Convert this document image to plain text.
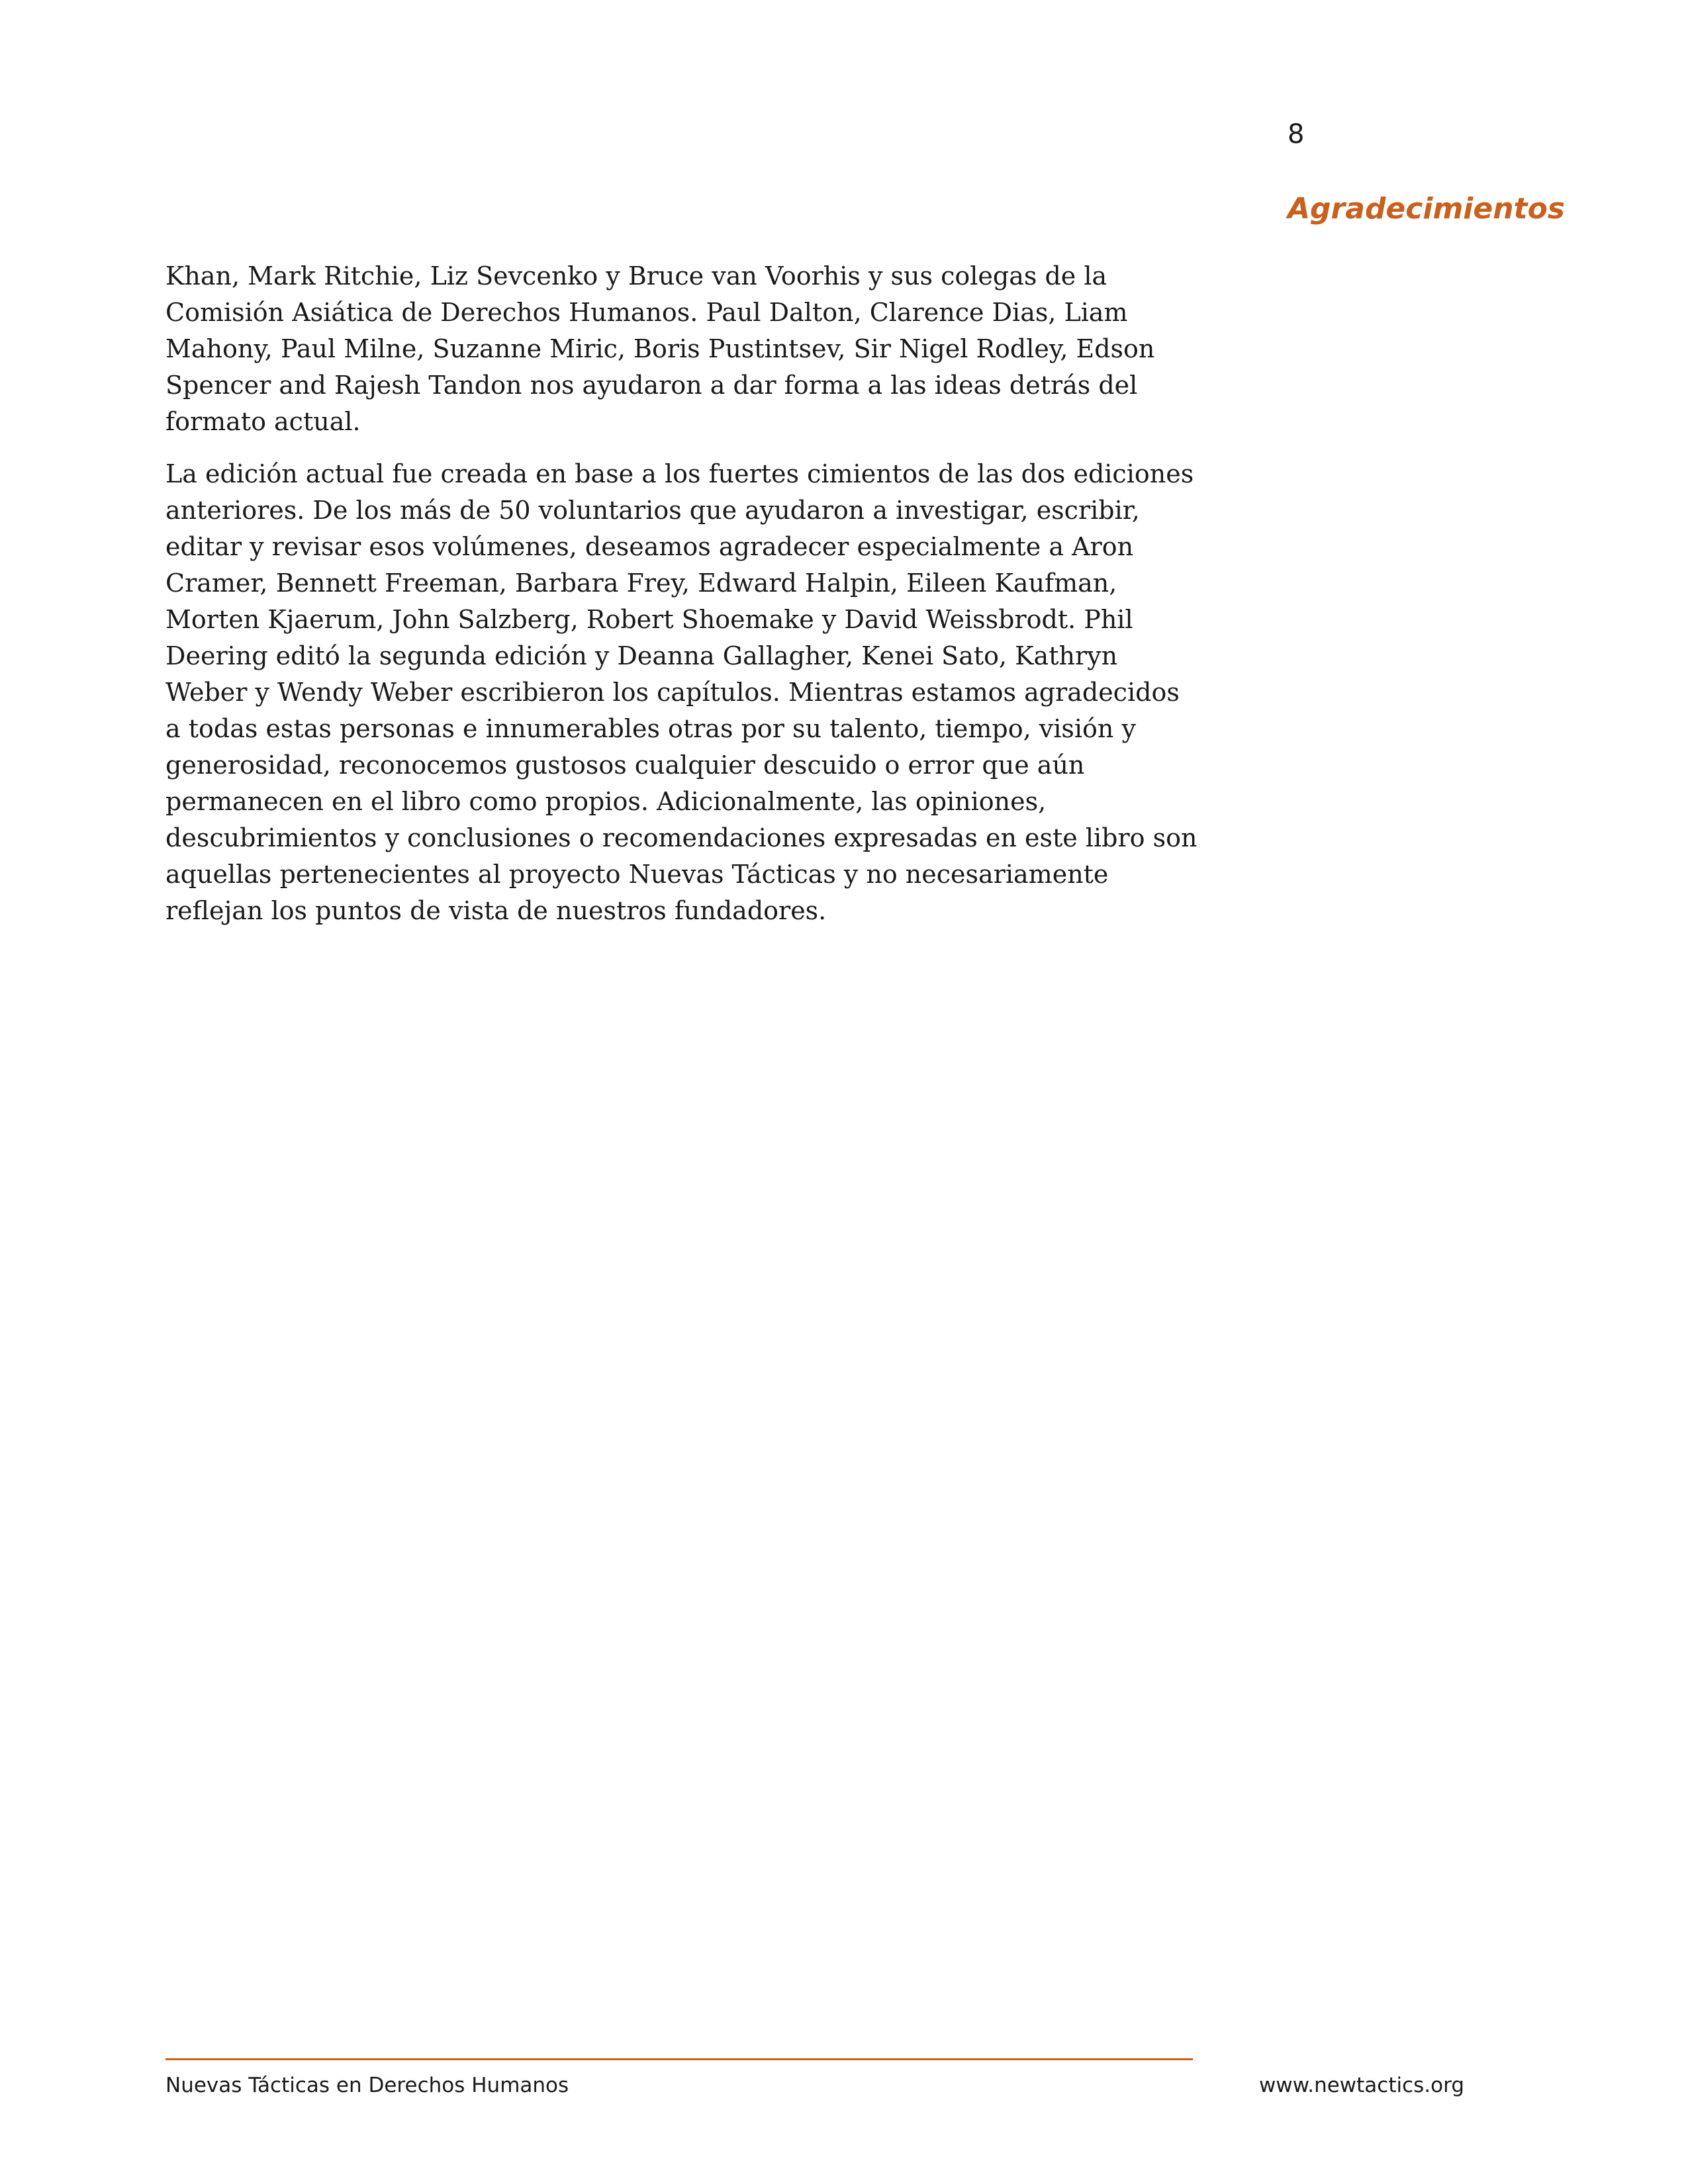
8
Agradecimientos

Khan, Mark Ritchie, Liz Sevcenko y Bruce van Voorhis y sus colegas de la Comisión Asiática de Derechos Humanos. Paul Dalton, Clarence Dias, Liam Mahony, Paul Milne, Suzanne Miric, Boris Pustintsev, Sir Nigel Rodley, Edson Spencer and Rajesh Tandon nos ayudaron a dar forma a las ideas detrás del formato actual.

La edición actual fue creada en base a los fuertes cimientos de las dos ediciones anteriores. De los más de 50 voluntarios que ayudaron a investigar, escribir, editar y revisar esos volúmenes, deseamos agradecer especialmente a Aron Cramer, Bennett Freeman, Barbara Frey, Edward Halpin, Eileen Kaufman, Morten Kjaerum, John Salzberg, Robert Shoemake y David Weissbrodt. Phil Deering editó la segunda edición y Deanna Gallagher, Kenei Sato, Kathryn Weber y Wendy Weber escribieron los capítulos. Mientras estamos agradecidos a todas estas personas e innumerables otras por su talento, tiempo, visión y generosidad, reconocemos gustosos cualquier descuido o error que aún permanecen en el libro como propios. Adicionalmente, las opiniones, descubrimientos y conclusiones o recomendaciones expresadas en este libro son aquellas pertenecientes al proyecto Nuevas Tácticas y no necesariamente reflejan los puntos de vista de nuestros fundadores.

Nuevas Tácticas en Derechos Humanos	www.newtactics.org
